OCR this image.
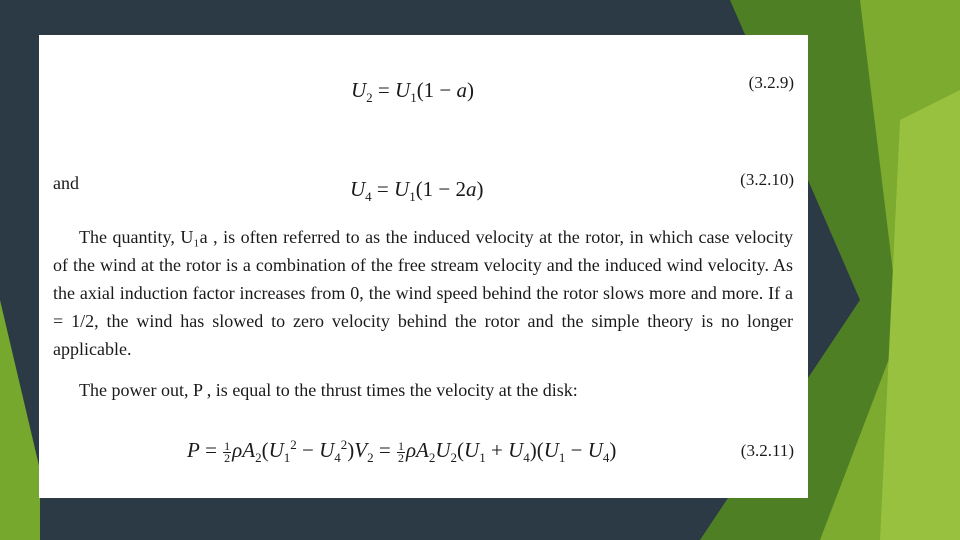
$U_2 = U_1(1 - a)$	(3.2.9)
and	$U_4 = U_1(1 - 2a)$	(3.2.10)

The quantity, U₁a , is often referred to as the induced velocity at the rotor, in which case velocity of the wind at the rotor is a combination of the free stream velocity and the induced wind velocity. As the axial induction factor increases from 0, the wind speed behind the rotor slows more and more. If a = 1/2, the wind has slowed to zero velocity behind the rotor and the simple theory is no longer applicable.

The power out, P , is equal to the thrust times the velocity at the disk:

$P = \frac{1}{2} \rho A_2(U_1^2 - U_4^2)V_2 = \frac{1}{2} \rho A_2U_2(U_1 + U_4)(U_1 - U_4)$	(3.2.11)
